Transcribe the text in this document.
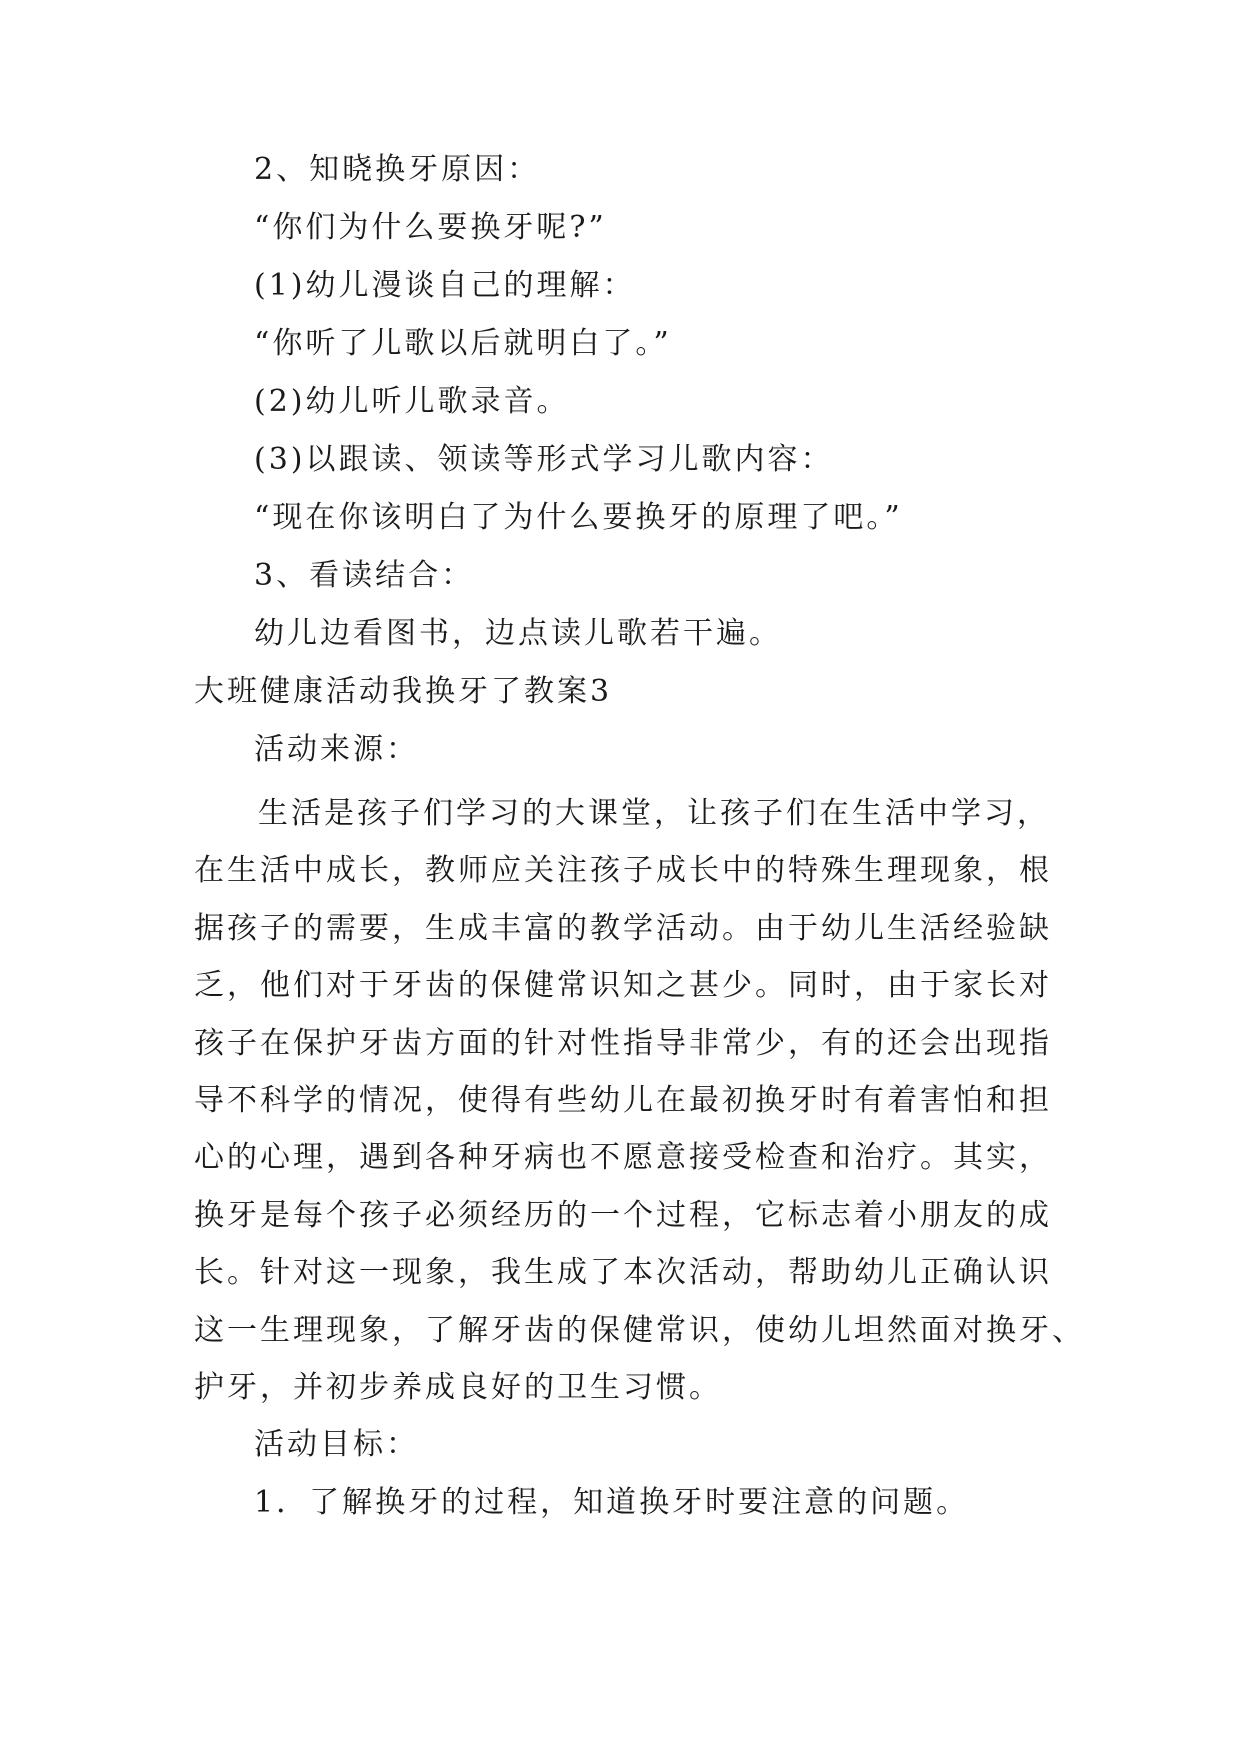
2、知晓换牙原因：
“你们为什么要换牙呢?”
(1)幼儿漫谈自己的理解：
“你听了儿歌以后就明白了。”
(2)幼儿听儿歌录音。
(3)以跟读、领读等形式学习儿歌内容：
“现在你该明白了为什么要换牙的原理了吧。”
3、看读结合：
幼儿边看图书，边点读儿歌若干遍。
大班健康活动我换牙了教案3
活动来源：
生活是孩子们学习的大课堂，让孩子们在生活中学习，
在生活中成长，教师应关注孩子成长中的特殊生理现象，根
据孩子的需要，生成丰富的教学活动。由于幼儿生活经验缺
乏，他们对于牙齿的保健常识知之甚少。同时，由于家长对
孩子在保护牙齿方面的针对性指导非常少，有的还会出现指
导不科学的情况，使得有些幼儿在最初换牙时有着害怕和担
心的心理，遇到各种牙病也不愿意接受检查和治疗。其实，
换牙是每个孩子必须经历的一个过程，它标志着小朋友的成
长。针对这一现象，我生成了本次活动，帮助幼儿正确认识
这一生理现象，了解牙齿的保健常识，使幼儿坦然面对换牙、
护牙，并初步养成良好的卫生习惯。
活动目标：
1．了解换牙的过程，知道换牙时要注意的问题。
